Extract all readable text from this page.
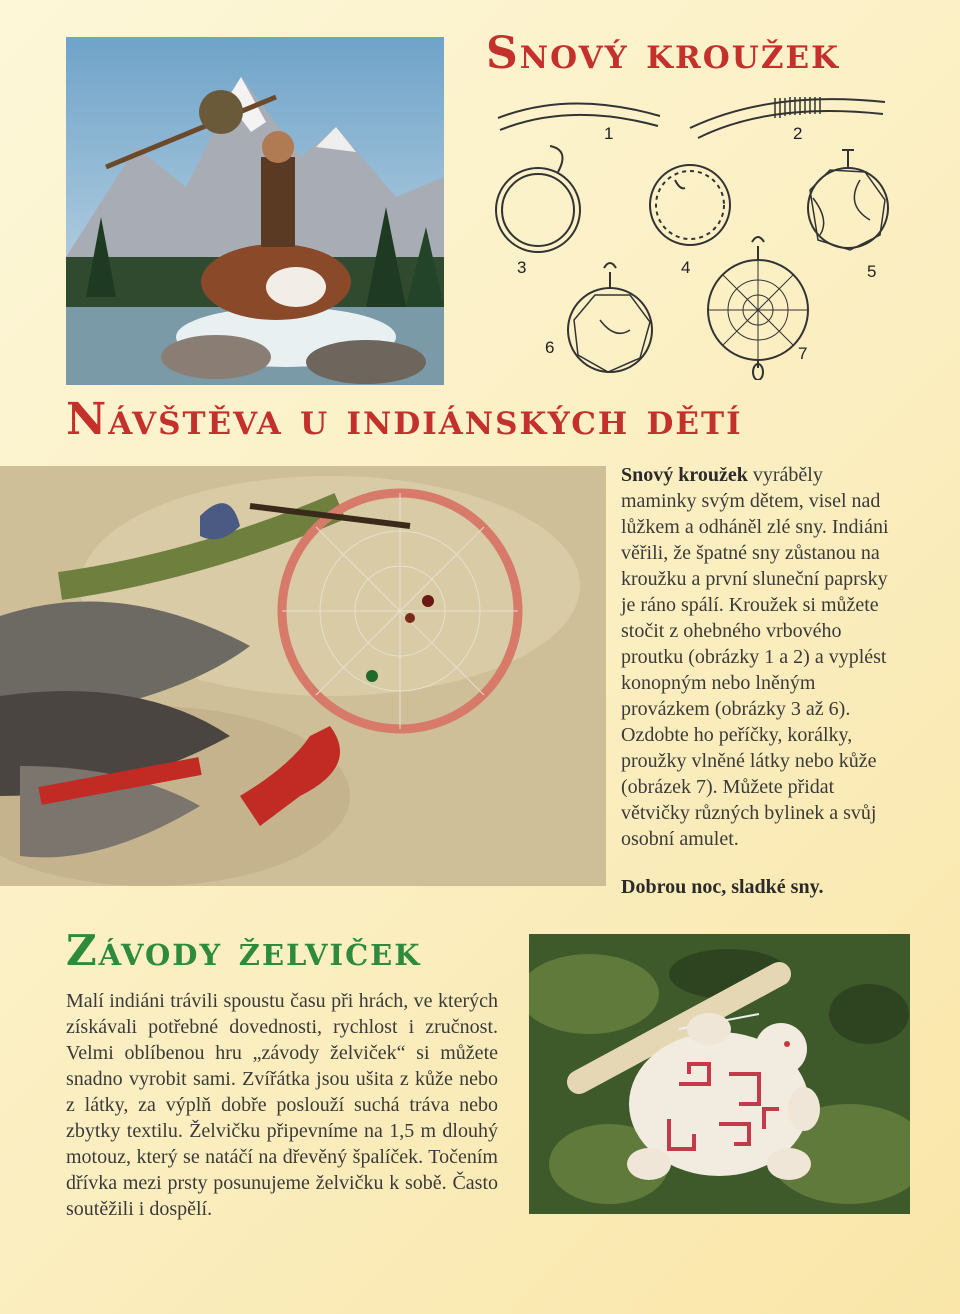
Snový kroužek
1	2
3	4	5
6	7
Návštěva u indiánských dětí

Snový kroužek vyráběly maminky svým dětem, visel nad lůžkem a odháněl zlé sny. Indiáni věřili, že špatné sny zůstanou na kroužku a první sluneční paprsky je ráno spálí. Kroužek si můžete stočit z ohebného vrbového proutku (obrázky 1 a 2) a vyplést konopným nebo lněným provázkem (obrázky 3 až 6). Ozdobte ho peříčky, korálky, proužky vlněné látky nebo kůže (obrázek 7). Můžete přidat větvičky různých bylinek a svůj osobní amulet.

Dobrou noc, sladké sny.
Závody želviček

Malí indiáni trávili spoustu času při hrách, ve kterých získávali potřebné dovednosti, rychlost i zručnost. Velmi oblíbenou hru „závody želviček“ si můžete snadno vyrobit sami. Zvířátka jsou ušita z kůže nebo z látky, za výplň dobře poslouží suchá tráva nebo zbytky textilu. Želvičku připevníme na 1,5 m dlouhý motouz, který se natáčí na dřevěný špalíček. Točením dřívka mezi prsty posunujeme želvičku k sobě. Často soutěžili i dospělí.
